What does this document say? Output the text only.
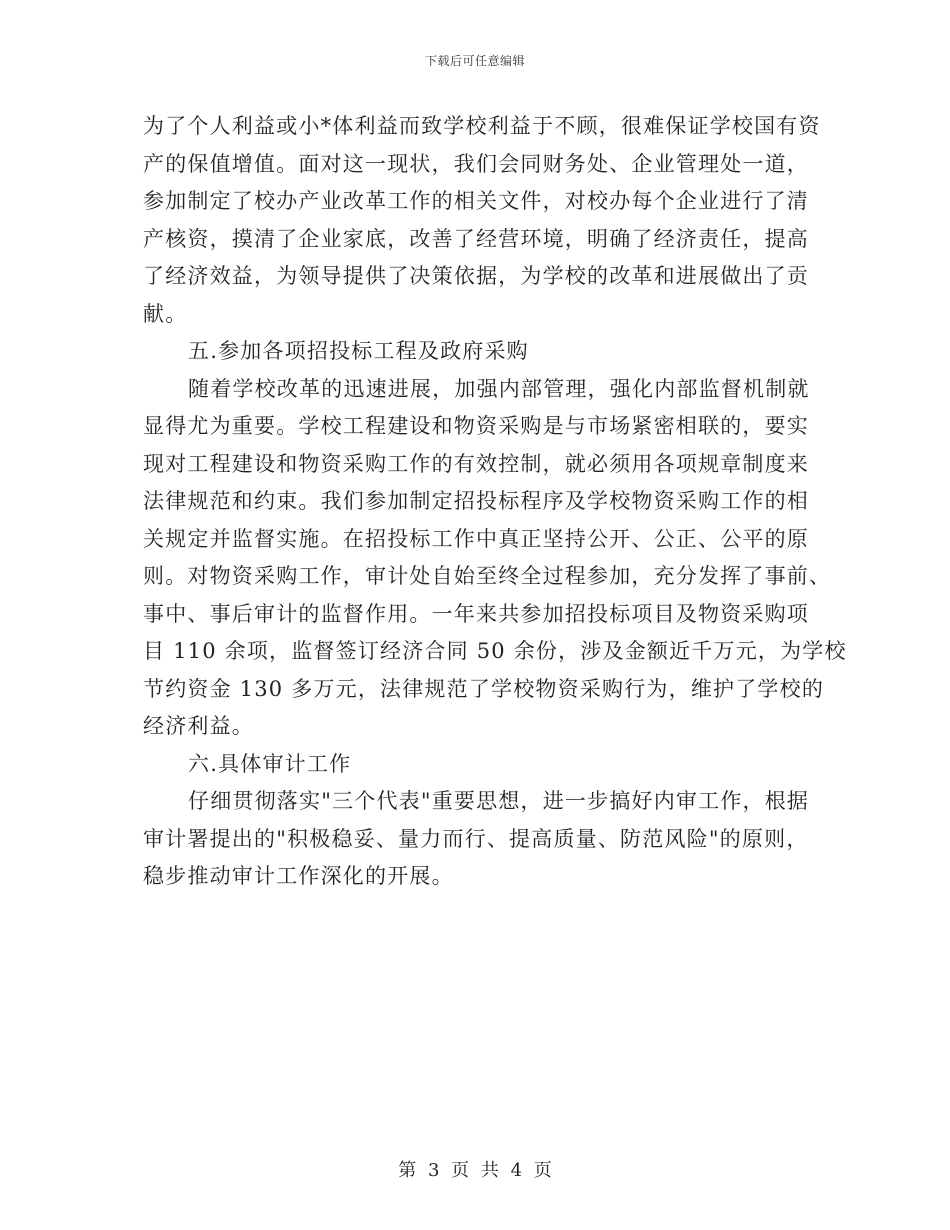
下载后可任意编辑
为了个人利益或小*体利益而致学校利益于不顾，很难保证学校国有资
产的保值增值。面对这一现状，我们会同财务处、企业管理处一道，
参加制定了校办产业改革工作的相关文件，对校办每个企业进行了清
产核资，摸清了企业家底，改善了经营环境，明确了经济责任，提高
了经济效益，为领导提供了决策依据，为学校的改革和进展做出了贡
献。
五.参加各项招投标工程及政府采购
随着学校改革的迅速进展，加强内部管理，强化内部监督机制就
显得尤为重要。学校工程建设和物资采购是与市场紧密相联的，要实
现对工程建设和物资采购工作的有效控制，就必须用各项规章制度来
法律规范和约束。我们参加制定招投标程序及学校物资采购工作的相
关规定并监督实施。在招投标工作中真正坚持公开、公正、公平的原
则。对物资采购工作，审计处自始至终全过程参加，充分发挥了事前、
事中、事后审计的监督作用。一年来共参加招投标项目及物资采购项
目 110 余项，监督签订经济合同 50 余份，涉及金额近千万元，为学校
节约资金 130 多万元，法律规范了学校物资采购行为，维护了学校的
经济利益。
六.具体审计工作
仔细贯彻落实"三个代表"重要思想，进一步搞好内审工作，根据
审计署提出的"积极稳妥、量力而行、提高质量、防范风险"的原则，
稳步推动审计工作深化的开展。
第 3 页 共 4 页
